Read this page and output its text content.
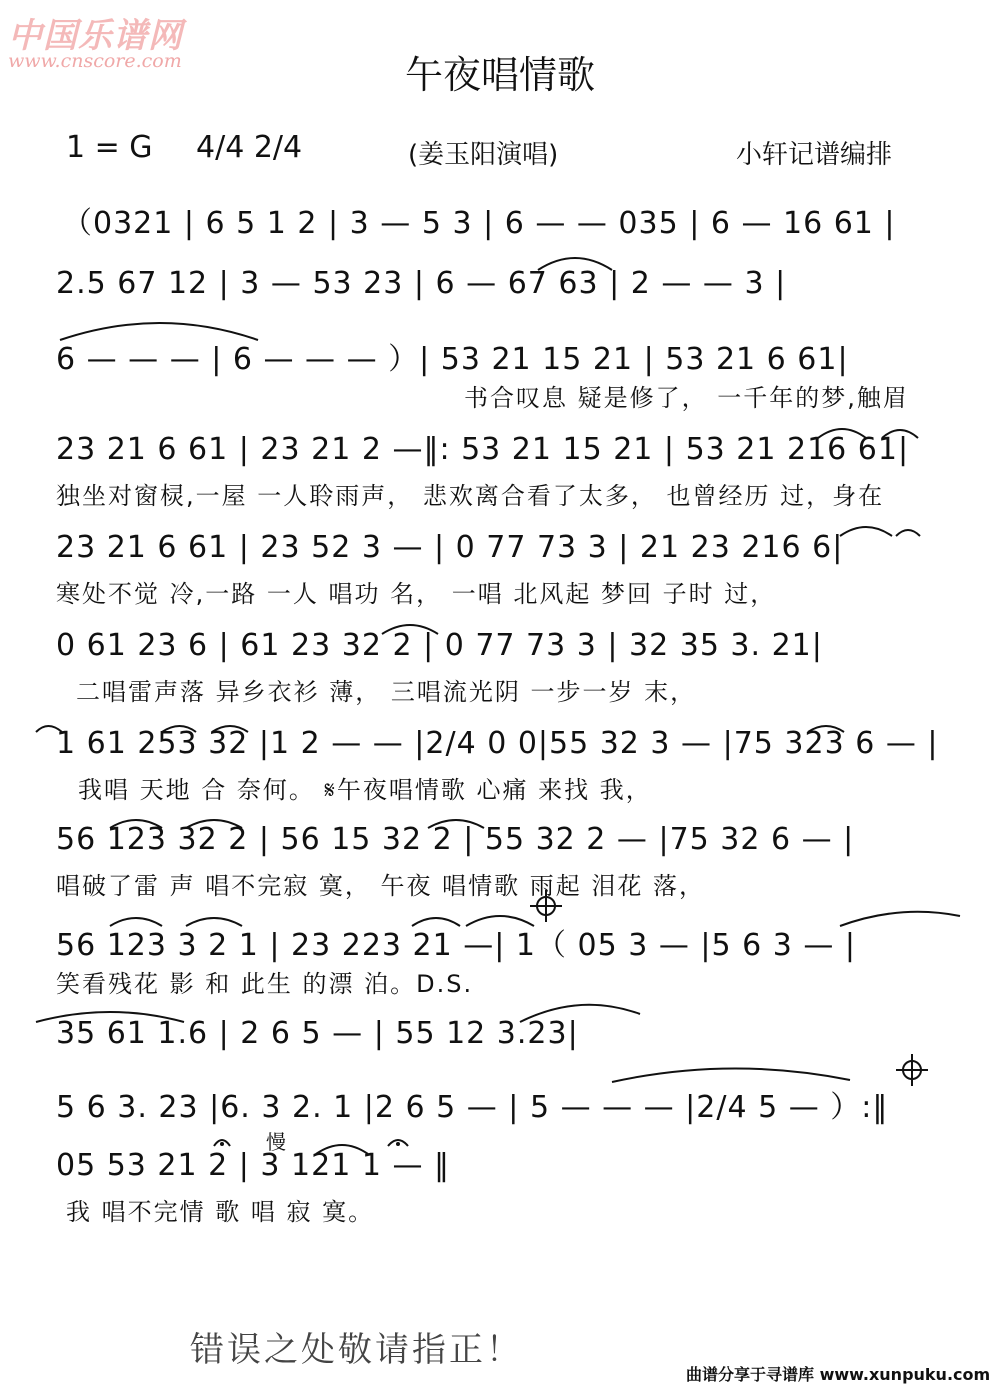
中国乐谱网
www.cnscore.com	午夜唱情歌
1 = G 4/4 2/4	(姜玉阳演唱)	小轩记谱编排
（0321 | 6 5 1 2 | 3 — 5 3 | 6 — — 035 | 6 — 16 61 |
2.5 67 12 | 3 — 53 23 | 6 — 67 63 | 2 — — 3 |
6 — — — | 6 — — — ）| 53 21 15 21 | 53 21 6 61|
书合叹息 疑是修了， 一千年的梦,触眉
23 21 6 61 | 23 21 2 —‖: 53 21 15 21 | 53 21 216 61|
独坐对窗棂,一屋 一人聆雨声， 悲欢离合看了太多， 也曾经历 过，身在
23 21 6 61 | 23 52 3 — | 0 77 73 3 | 21 23 216 6|
寒处不觉 冷,一路 一人 唱功 名， 一唱 北风起 梦回 子时 过，
0 61 23 6 | 61 23 32 2 | 0 77 73 3 | 32 35 3. 21|
二唱雷声落 异乡衣衫 薄， 三唱流光阴 一步一岁 末，
1 61 253 32 |1 2 — — |2/4 0 0|55 32 3 — |75 323 6 — |
我唱 天地 合 奈何。 𝄋午夜唱情歌 心痛 来找 我，
56 123 32 2 | 56 15 32 2 | 55 32 2 — |75 32 6 — |
唱破了雷 声 唱不完寂 寞， 午夜 唱情歌 雨起 泪花 落，
56 123 3 2 1 | 23 223 21 —| 1（ 05 3 — |5 6 3 — |
笑看残花 影 和 此生 的漂 泊。D.S.
35 61 1.6 | 2 6 5 — | 55 12 3.23|
5 6 3. 23 |6. 3 2. 1 |2 6 5 — | 5 — — — |2/4 5 — ）:‖
05 53 21 2 | 3 121 1 — ‖
我 唱不完情 歌 唱 寂 寞。
慢
错误之处敬请指正！
曲谱分享于寻谱库 www.xunpuku.com
